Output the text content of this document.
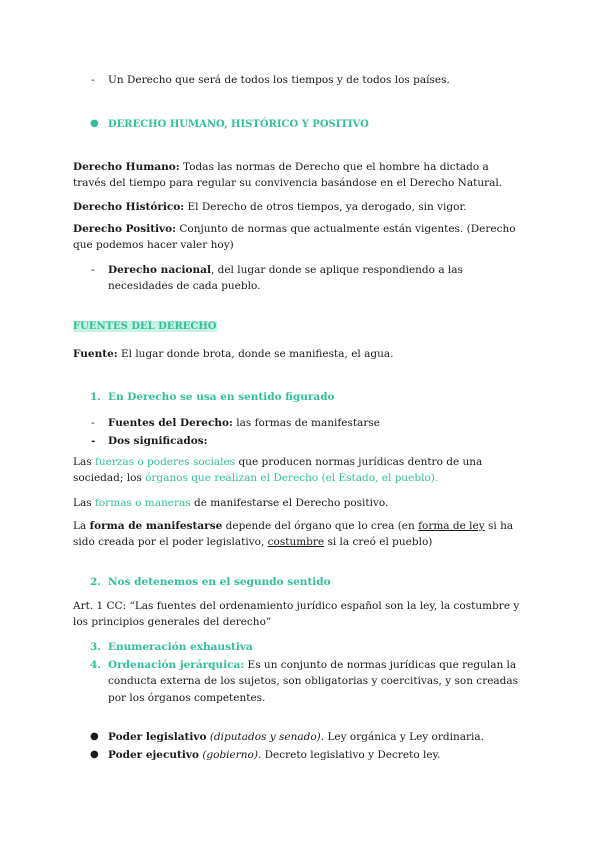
- Un Derecho que será de todos los tiempos y de todos los países.
● DERECHO HUMANO, HISTÓRICO Y POSITIVO

Derecho Humano: Todas las normas de Derecho que el hombre ha dictado a través del tiempo para regular su convivencia basándose en el Derecho Natural.

Derecho Histórico: El Derecho de otros tiempos, ya derogado, sin vigor.

Derecho Positivo: Conjunto de normas que actualmente están vigentes. (Derecho que podemos hacer valer hoy)

- Derecho nacional, del lugar donde se aplique respondiendo a las necesidades de cada pueblo.

FUENTES DEL DERECHO

Fuente: El lugar donde brota, donde se manifiesta, el agua.

1. En Derecho se usa en sentido figurado
- Fuentes del Derecho: las formas de manifestarse
- Dos significados:

Las fuerzas o poderes sociales que producen normas jurídicas dentro de una sociedad; los órganos que realizan el Derecho (el Estado, el pueblo).

Las formas o maneras de manifestarse el Derecho positivo.

La forma de manifestarse depende del órgano que lo crea (en forma de ley si ha sido creada por el poder legislativo, costumbre si la creó el pueblo)

2. Nos detenemos en el segundo sentido

Art. 1 CC: “Las fuentes del ordenamiento jurídico español son la ley, la costumbre y los principios generales del derecho”

3. Enumeración exhaustiva
4. Ordenación jerárquica: Es un conjunto de normas jurídicas que regulan la conducta externa de los sujetos, son obligatorias y coercitivas, y son creadas por los órganos competentes.
● Poder legislativo (diputados y senado). Ley orgánica y Ley ordinaria.
● Poder ejecutivo (gobierno). Decreto legislativo y Decreto ley.
